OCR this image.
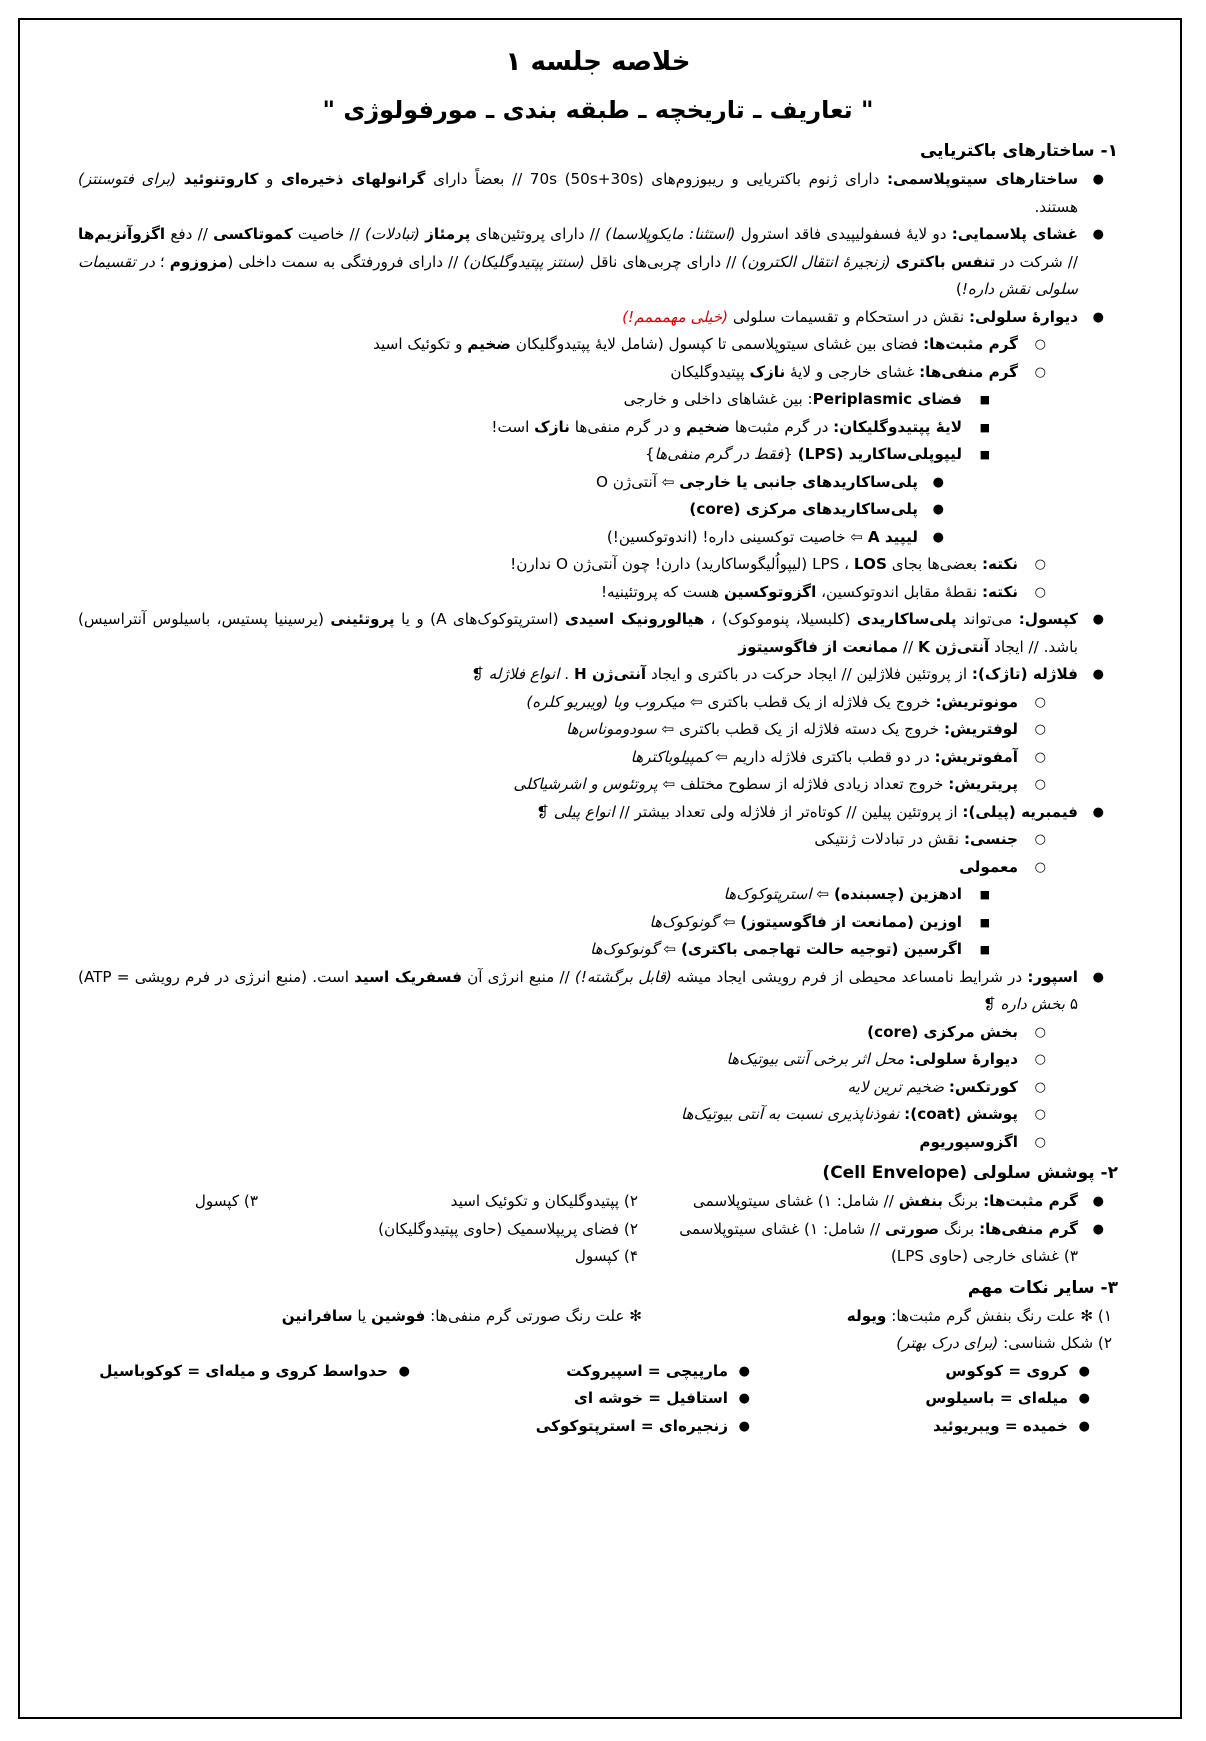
خلاصه جلسه ۱
" تعاریف ـ تاریخچه ـ طبقه بندی ـ مورفولوژی "
۱- ساختارهای باکتریایی
●
ساختارهای سیتوپلاسمی: دارای ژنوم باکتریایی و ریبوزوم‌های 70s (50s+30s) // بعضاً دارای گرانولهای ذخیره‌ای و کاروتنوئید (برای فتوسنتز) هستند.
●
غشای پلاسمایی: دو لایهٔ فسفولیپیدی فاقد استرول (استثنا: مایکوپلاسما) // دارای پروتئین‌های پرمئاز (تبادلات) // خاصیت کموتاکسی // دفع اگزوآنزیم‌ها // شرکت در تنفس باکتری (زنجیرهٔ انتقال الکترون) // دارای چربی‌های ناقل (سنتز پپتیدوگلیکان) // دارای فرورفتگی به سمت داخلی (مزوزوم ؛ در تقسیمات سلولی نقش داره!)
●
دیوارهٔ سلولی: نقش در استحکام و تقسیمات سلولی (خیلی مهمممم!)
○
گرم مثبت‌ها: فضای بین غشای سیتوپلاسمی تا کپسول (شامل لایهٔ پپتیدوگلیکان ضخیم و تکوئیک اسید
○
گرم منفی‌ها: غشای خارجی و لایهٔ نازک پپتیدوگلیکان
■
فضای Periplasmic: بین غشاهای داخلی و خارجی
■
لایهٔ پپتیدوگلیکان: در گرم مثبت‌ها ضخیم و در گرم منفی‌ها نازک است!
■
لیپوپلی‌ساکارید (LPS) {فقط در گرم منفی‌ها}
●
پلی‌ساکاریدهای جانبی یا خارجی ⇦ آنتی‌ژن O
●
پلی‌ساکاریدهای مرکزی (core)
●
لیپید A ⇦ خاصیت توکسینی داره! (اندوتوکسین!)
○
نکته: بعضی‌ها بجای LPS ، LOS (لیپواُلیگوساکارید) دارن! چون آنتی‌ژن O ندارن!
○
نکته: نقطهٔ مقابل اندوتوکسین، اگزوتوکسین هست که پروتئینیه!
●
کپسول: می‌تواند پلی‌ساکاریدی (کلبسیلا، پنوموکوک) ، هیالورونیک اسیدی (استرپتوکوک‌های A) و یا پروتئینی (یرسینیا پستیس، باسیلوس آنتراسیس) باشد. // ایجاد آنتی‌ژن K // ممانعت از فاگوسیتوز
●
فلاژله (تاژک): از پروتئین فلاژلین // ایجاد حرکت در باکتری و ایجاد آنتی‌ژن H . انواع فلاژله ❡
○
مونوتریش: خروج یک فلاژله از یک قطب باکتری ⇦ میکروب وبا (ویبریو کلره)
○
لوفتریش: خروج یک دسته فلاژله از یک قطب باکتری ⇦ سودوموناس‌ها
○
آمفوتریش: در دو قطب باکتری فلاژله داریم ⇦ کمپیلوباکترها
○
پریتریش: خروج تعداد زیادی فلاژله از سطوح مختلف ⇦ پروتئوس و اشرشیاکلی
●
فیمبریه (پیلی): از پروتئین پیلین // کوتاه‌تر از فلاژله ولی تعداد بیشتر // انواع پیلی ❡
○
جنسی: نقش در تبادلات ژنتیکی
○
معمولی
■
ادهزین (چسبنده) ⇦ استرپتوکوک‌ها
■
اوزین (ممانعت از فاگوسیتوز) ⇦ گونوکوک‌ها
■
اگرسین (توجیه حالت تهاجمی باکتری) ⇦ گونوکوک‌ها
●
اسپور: در شرایط نامساعد محیطی از فرم رویشی ایجاد میشه (قابل برگشته!) // منبع انرژی آن فسفریک اسید است. (منبع انرژی در فرم رویشی = ATP) ۵ بخش داره ❡
○
بخش مرکزی (core)
○
دیوارهٔ سلولی: محل اثر برخی آنتی بیوتیک‌ها
○
کورتکس: ضخیم ترین لایه
○
پوشش (coat): نفوذناپذیری نسبت به آنتی بیوتیک‌ها
○
اگزوسپوریوم
۲- پوشش سلولی (Cell Envelope)
●
گرم مثبت‌ها: برنگ بنفش // شامل: ۱) غشای سیتوپلاسمی
۲) پپتیدوگلیکان و تکوئیک اسید
۳) کپسول
●
گرم منفی‌ها: برنگ صورتی // شامل: ۱) غشای سیتوپلاسمی
۲) فضای پریپلاسمیک (حاوی پپتیدوگلیکان)
۳) غشای خارجی (حاوی LPS)
۴) کپسول
۳- سایر نکات مهم
۱) ✻ علت رنگ بنفش گرم مثبت‌ها: ویوله
✻ علت رنگ صورتی گرم منفی‌ها: فوشین یا سافرانین
۲) شکل شناسی: (برای درک بهتر)
●
کروی = کوکوس
●
مارپیچی = اسپیروکت
●
حدواسط کروی و میله‌ای = کوکوباسیل
●
میله‌ای = باسیلوس
●
استافیل = خوشه ای
●
خمیده = ویبریوئید
●
زنجیره‌ای = استرپتوکوکی
